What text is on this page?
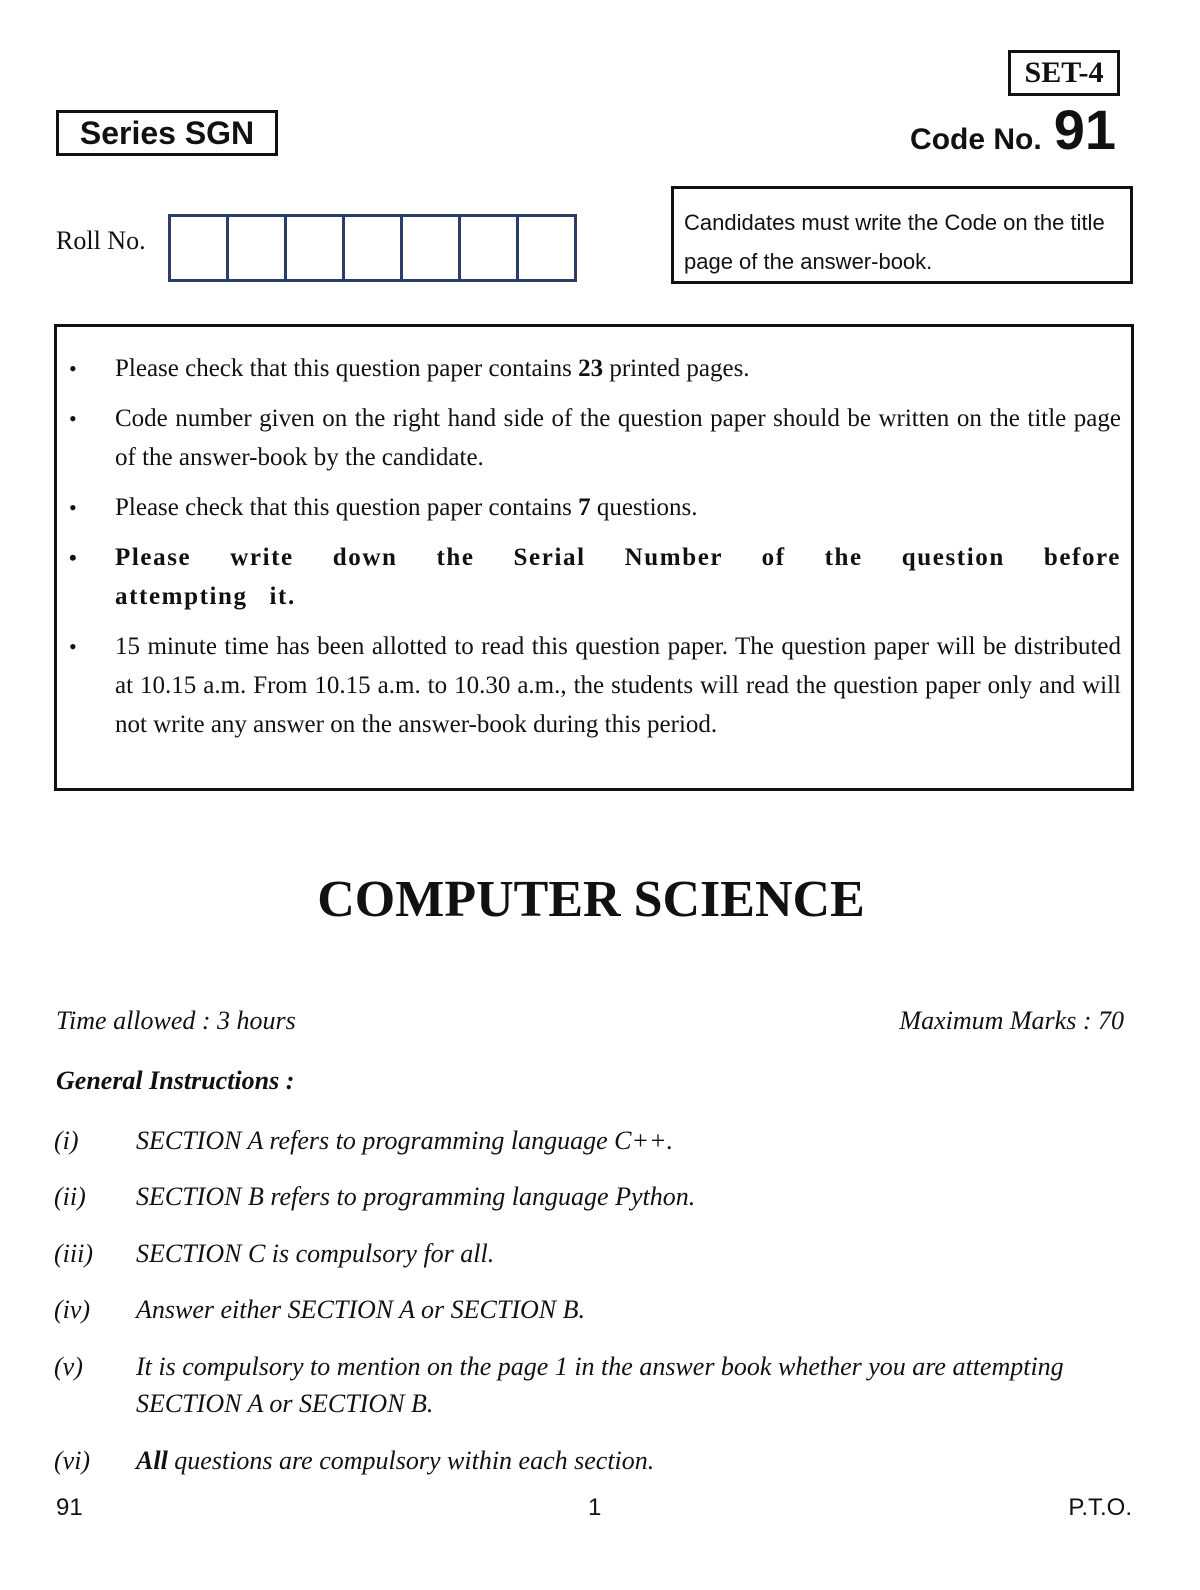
SET-4
Series SGN	Code No. 91
Roll No.
Candidates must write the Code on the title page of the answer-book.
• Please check that this question paper contains 23 printed pages.
• Code number given on the right hand side of the question paper should be written on the title page of the answer-book by the candidate.
• Please check that this question paper contains 7 questions.
• Please write down the Serial Number of the question before attempting it.
• 15 minute time has been allotted to read this question paper. The question paper will be distributed at 10.15 a.m. From 10.15 a.m. to 10.30 a.m., the students will read the question paper only and will not write any answer on the answer-book during this period.
COMPUTER SCIENCE
Time allowed : 3 hours	Maximum Marks : 70
General Instructions :
(i)	SECTION A refers to programming language C++.
(ii)	SECTION B refers to programming language Python.
(iii)	SECTION C is compulsory for all.
(iv)	Answer either SECTION A or SECTION B.
(v)	It is compulsory to mention on the page 1 in the answer book whether you are attempting SECTION A or SECTION B.
(vi)	All questions are compulsory within each section.
91	1	P.T.O.
